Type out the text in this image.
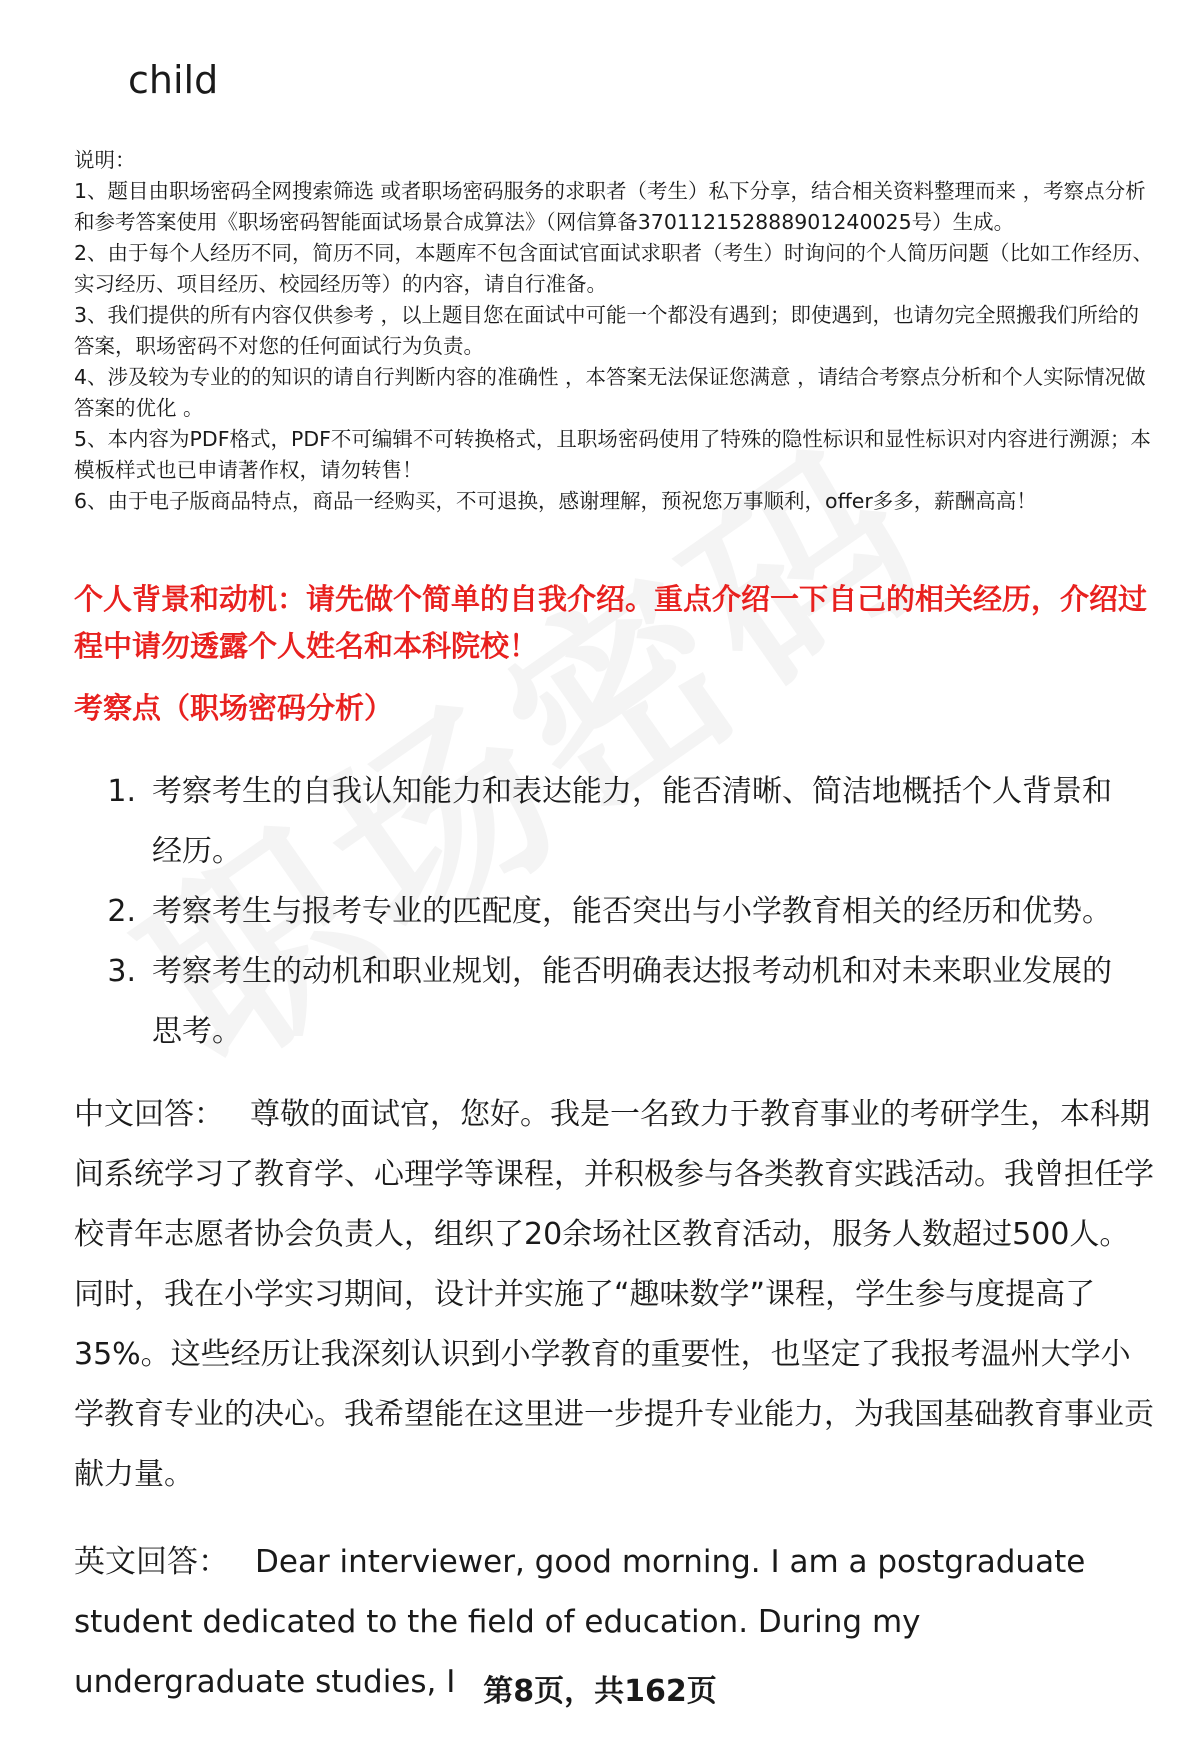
child

说明：

1、题目由职场密码全网搜索筛选 或者职场密码服务的求职者（考生）私下分享，结合相关资料整理而来 ，考察点分析和参考答案使用《职场密码智能面试场景合成算法》（网信算备370112152888901240025号）生成。

2、由于每个人经历不同，简历不同，本题库不包含面试官面试求职者（考生）时询问的个人简历问题（比如工作经历、实习经历、项目经历、校园经历等）的内容，请自行准备。

3、我们提供的所有内容仅供参考 ，以上题目您在面试中可能一个都没有遇到；即使遇到，也请勿完全照搬我们所给的答案，职场密码不对您的任何面试行为负责。

4、涉及较为专业的的知识的请自行判断内容的准确性 ，本答案无法保证您满意 ，请结合考察点分析和个人实际情况做答案的优化 。

5、本内容为PDF格式，PDF不可编辑不可转换格式，且职场密码使用了特殊的隐性标识和显性标识对内容进行溯源；本模板样式也已申请著作权，请勿转售！

6、由于电子版商品特点，商品一经购买，不可退换，感谢理解，预祝您万事顺利，offer多多，薪酬高高！

个人背景和动机：请先做个简单的自我介绍。重点介绍一下自己的相关经历，介绍过程中请勿透露个人姓名和本科院校！
考察点（职场密码分析）
1. 考察考生的自我认知能力和表达能力，能否清晰、简洁地概括个人背景和经历。
2. 考察考生与报考专业的匹配度，能否突出与小学教育相关的经历和优势。
3. 考察考生的动机和职业规划，能否明确表达报考动机和对未来职业发展的思考。
中文回答： 尊敬的面试官，您好。我是一名致力于教育事业的考研学生，本科期间系统学习了教育学、心理学等课程，并积极参与各类教育实践活动。我曾担任学校青年志愿者协会负责人，组织了20余场社区教育活动，服务人数超过500人。同时，我在小学实习期间，设计并实施了“趣味数学”课程，学生参与度提高了35%。这些经历让我深刻认识到小学教育的重要性，也坚定了我报考温州大学小学教育专业的决心。我希望能在这里进一步提升专业能力，为我国基础教育事业贡献力量。
英文回答： Dear interviewer, good morning. I am a postgraduate student dedicated to the field of education. During my undergraduate studies, I 第8页，共162页
